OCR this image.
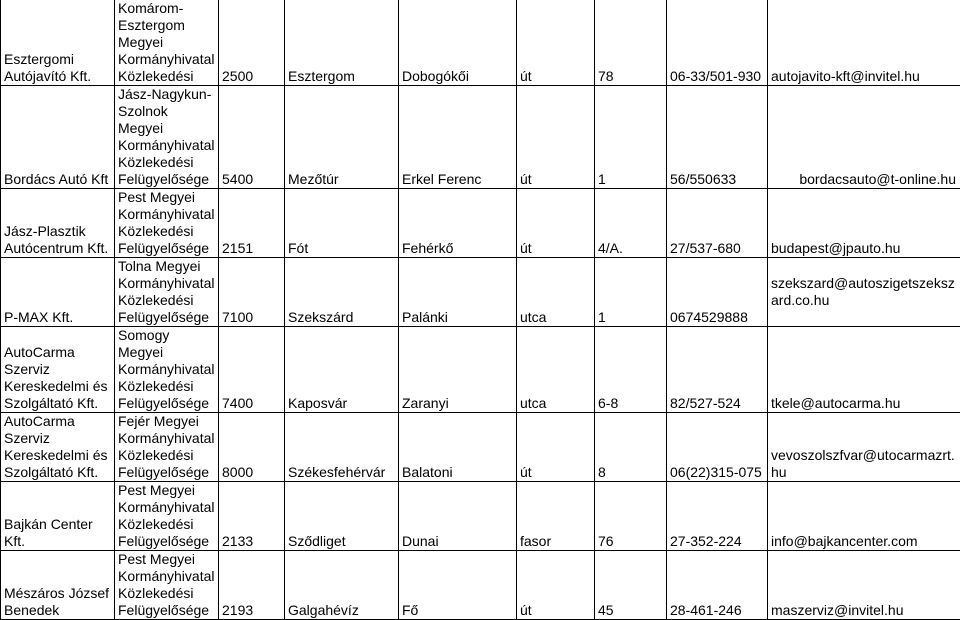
Esztergomi Autójavító Kft.	Komárom-Esztergom Megyei Kormányhivatal Közlekedési	2500	Esztergom	Dobogókői	út	78	06-33/501-930	autojavito-kft@invitel.hu
Bordács Autó Kft	Jász-Nagykun-Szolnok Megyei Kormányhivatal Közlekedési Felügyelősége	5400	Mezőtúr	Erkel Ferenc	út	1	56/550633	bordacsauto@t-online.hu
Jász-Plasztik Autócentrum Kft.	Pest Megyei Kormányhivatal Közlekedési Felügyelősége	2151	Fót	Fehérkő	út	4/A.	27/537-680	budapest@jpauto.hu
P-MAX Kft.	Tolna Megyei Kormányhivatal Közlekedési Felügyelősége	7100	Szekszárd	Palánki	utca	1	0674529888	szekszard@autoszigetszekszard.co.hu
AutoCarma Szerviz Kereskedelmi és Szolgáltató Kft.	Somogy Megyei Kormányhivatal Közlekedési Felügyelősége	7400	Kaposvár	Zaranyi	utca	6-8	82/527-524	tkele@autocarma.hu
AutoCarma Szerviz Kereskedelmi és Szolgáltató Kft.	Fejér Megyei Kormányhivatal Közlekedési Felügyelősége	8000	Székesfehérvár	Balatoni	út	8	06(22)315-075	vevoszolszfvar@utocarmazrt.hu
Bajkán Center Kft.	Pest Megyei Kormányhivatal Közlekedési Felügyelősége	2133	Sződliget	Dunai	fasor	76	27-352-224	info@bajkancenter.com
Mészáros József Benedek	Pest Megyei Kormányhivatal Közlekedési Felügyelősége	2193	Galgahévíz	Fő	út	45	28-461-246	maszerviz@invitel.hu
